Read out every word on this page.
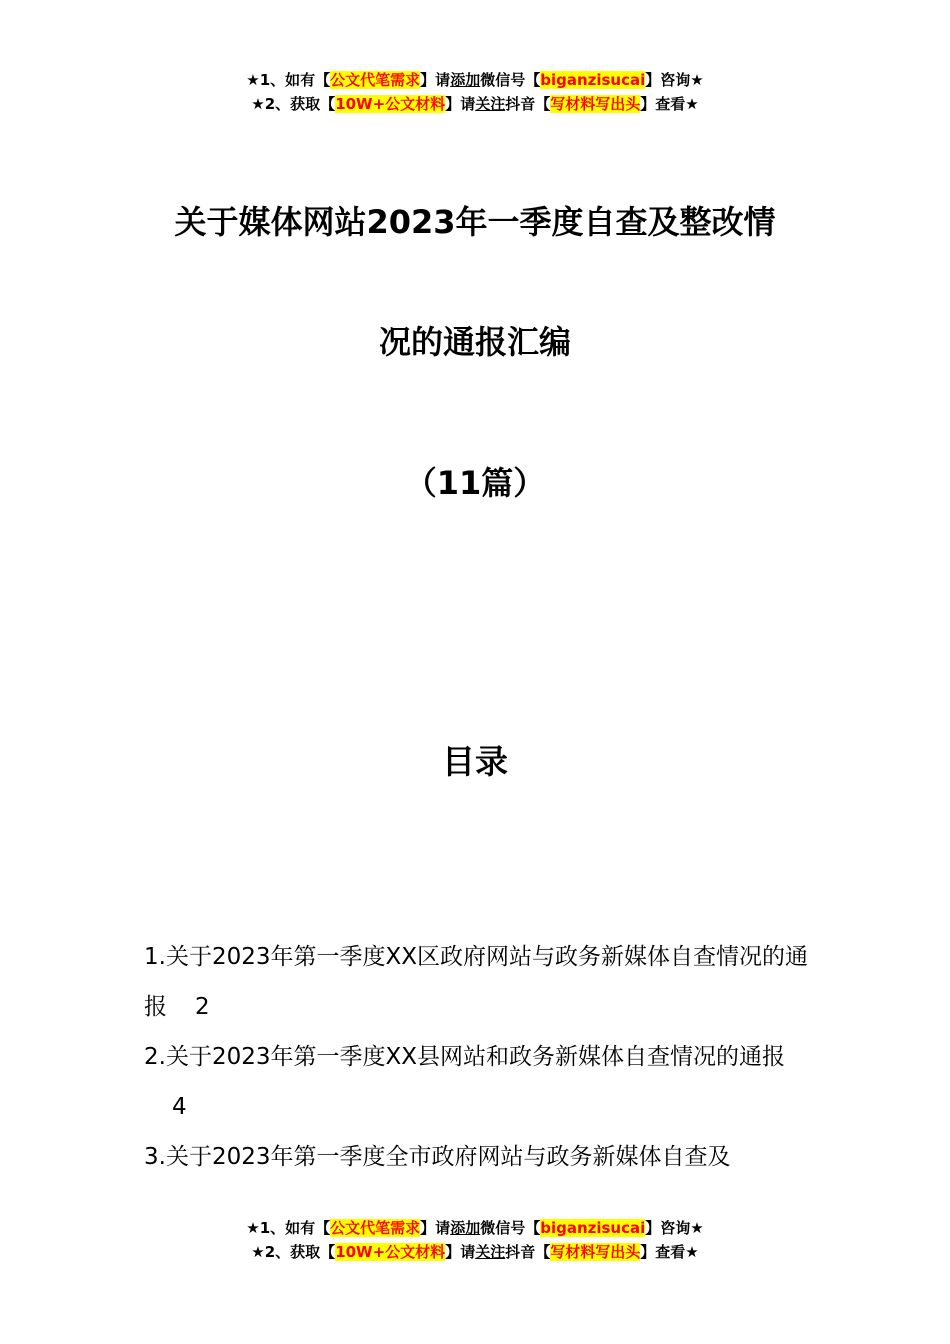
★1、如有【公文代笔需求】请添加微信号【biganzisucai】咨询★
★2、获取【10W+公文材料】请关注抖音【写材料写出头】查看★
关于媒体网站2023年一季度自查及整改情
况的通报汇编
（11篇）
目录
1.关于2023年第一季度XX区政府网站与政务新媒体自查情况的通报 2
2.关于2023年第一季度XX县网站和政务新媒体自查情况的通报4
3.关于2023年第一季度全市政府网站与政务新媒体自查及
★1、如有【公文代笔需求】请添加微信号【biganzisucai】咨询★
★2、获取【10W+公文材料】请关注抖音【写材料写出头】查看★
